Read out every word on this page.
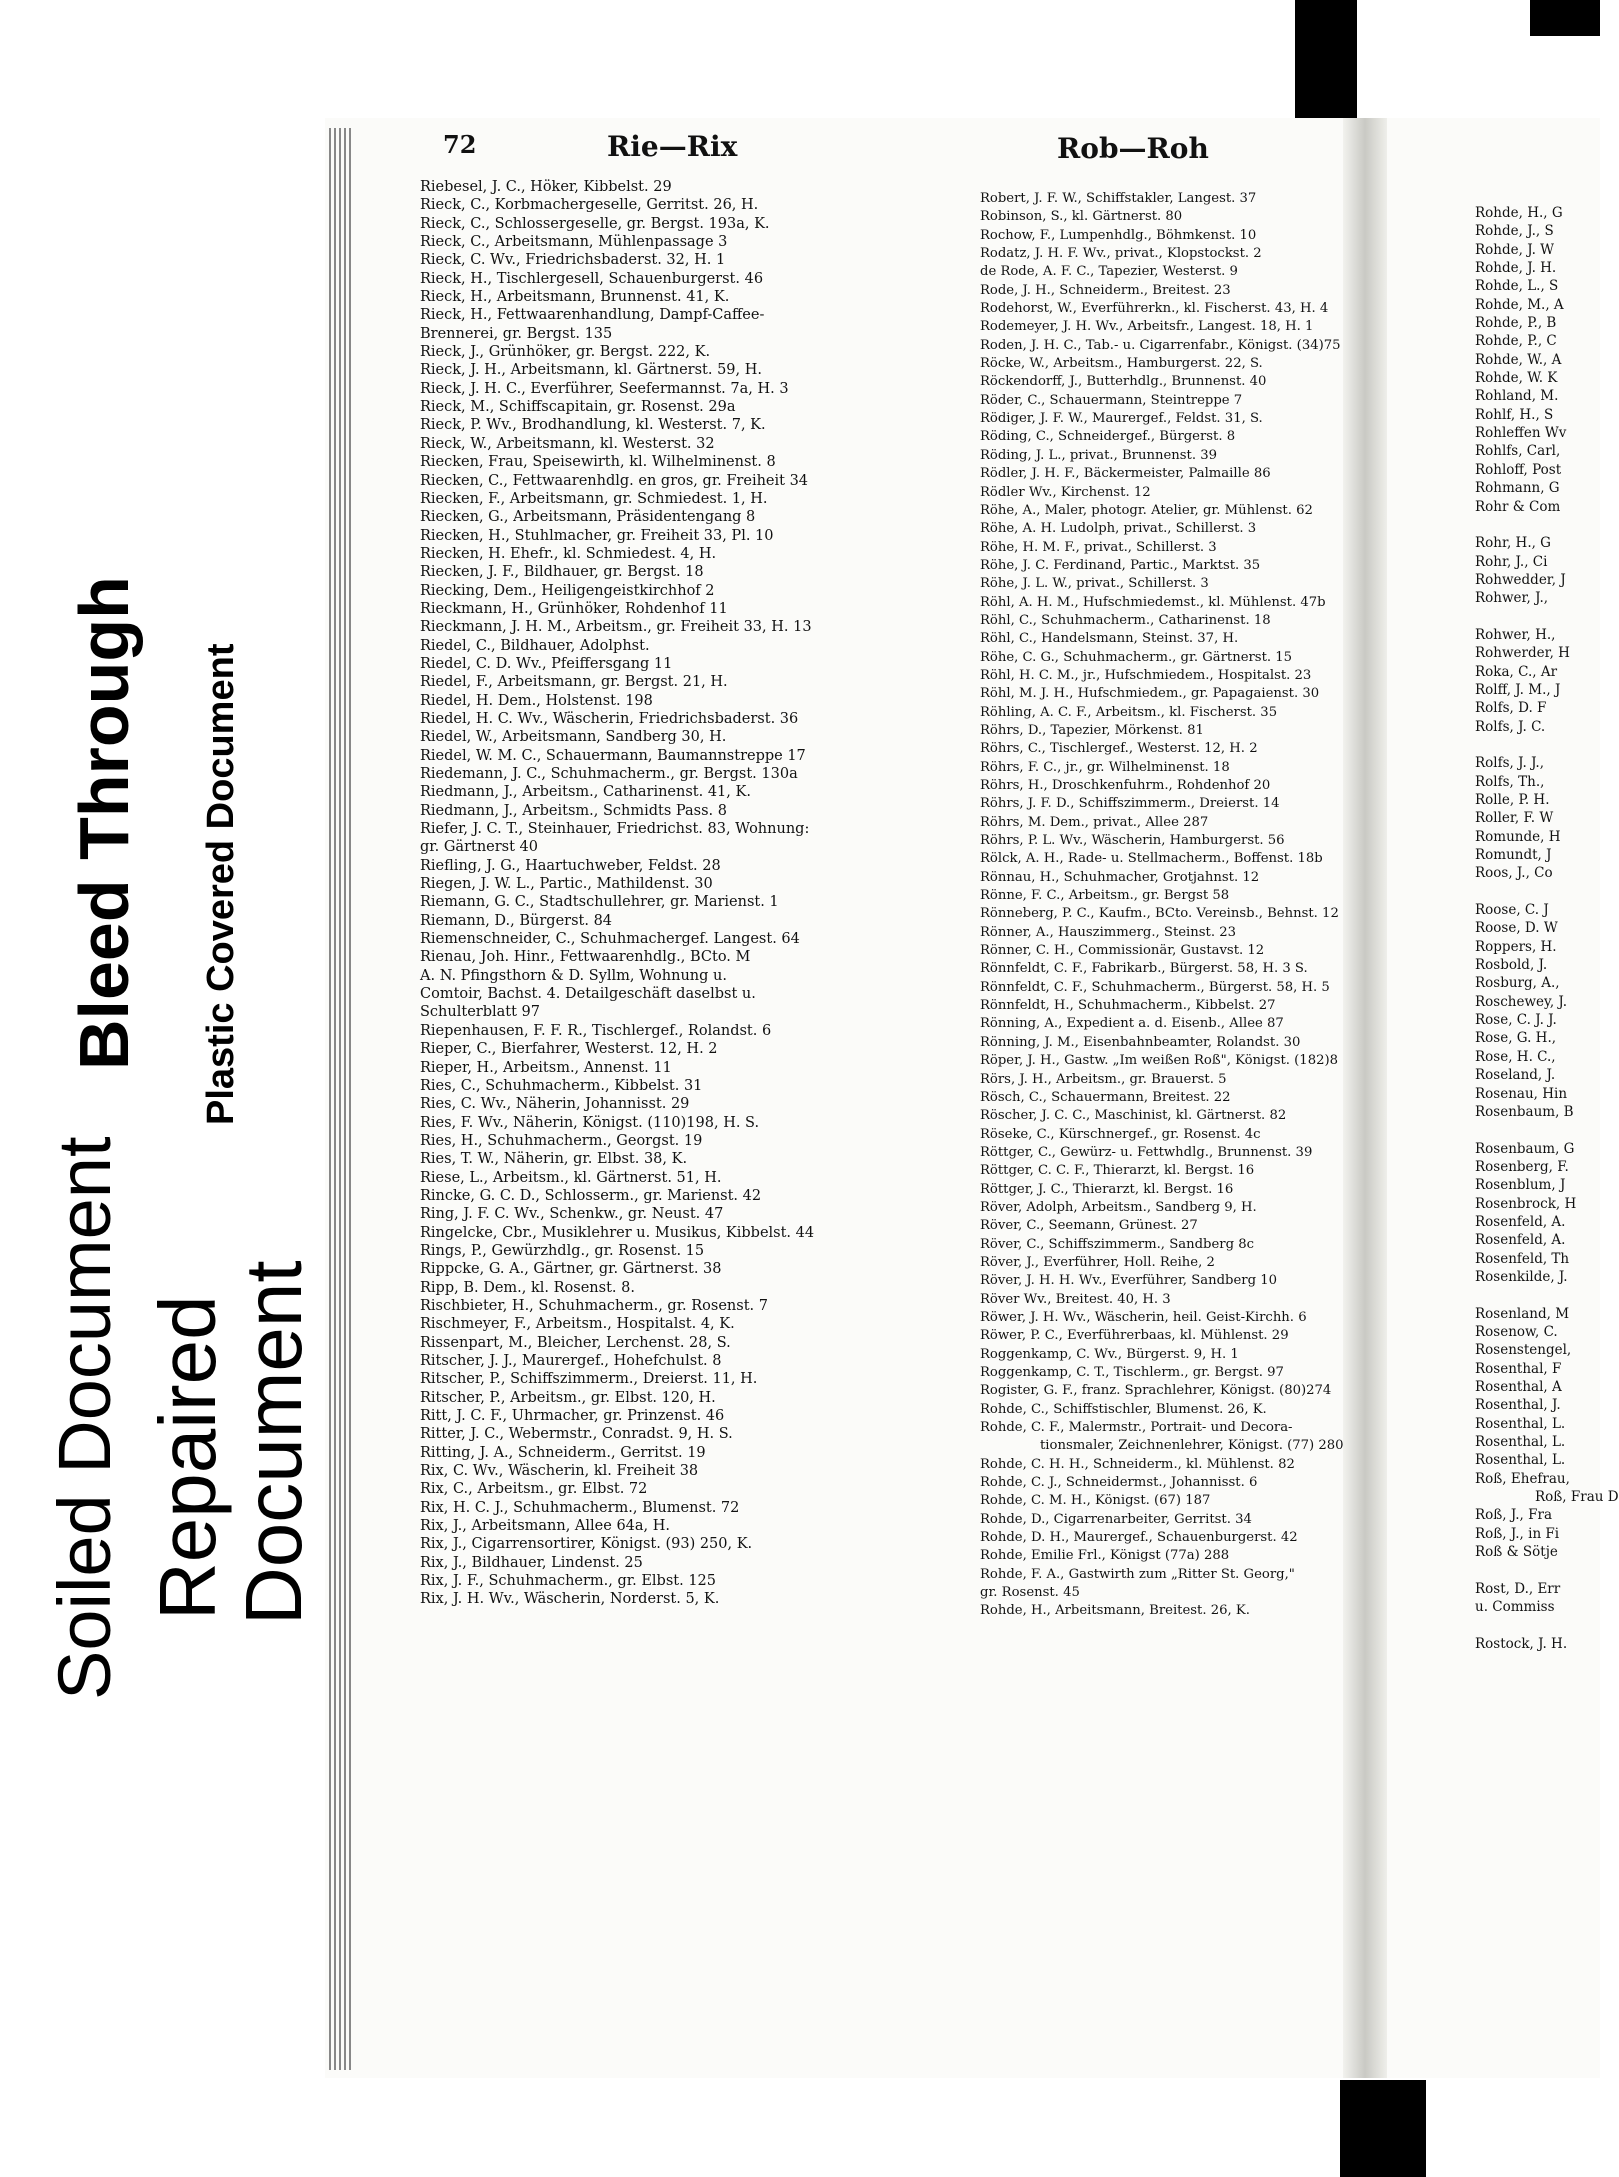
Soiled Document
Bleed Through Plastic Covered Document
Repaired
Document
72	Rie—Rix	Rob—Roh
Riebesel, J. C., Höker, Kibbelst. 29
Rieck, C., Korbmachergeselle, Gerritst. 26, H.
Rieck, C., Schlossergeselle, gr. Bergst. 193a, K.
Rieck, C., Arbeitsmann, Mühlenpassage 3
Rieck, C. Wv., Friedrichsbaderst. 32, H. 1
Rieck, H., Tischlergesell, Schauenburgerst. 46
Rieck, H., Arbeitsmann, Brunnenst. 41, K.
Rieck, H., Fettwaarenhandlung, Dampf-Caffee-
Brennerei, gr. Bergst. 135
Rieck, J., Grünhöker, gr. Bergst. 222, K.
Rieck, J. H., Arbeitsmann, kl. Gärtnerst. 59, H.
Rieck, J. H. C., Everführer, Seefermannst. 7a, H. 3
Rieck, M., Schiffscapitain, gr. Rosenst. 29a
Rieck, P. Wv., Brodhandlung, kl. Westerst. 7, K.
Rieck, W., Arbeitsmann, kl. Westerst. 32
Riecken, Frau, Speisewirth, kl. Wilhelminenst. 8
Riecken, C., Fettwaarenhdlg. en gros, gr. Freiheit 34
Riecken, F., Arbeitsmann, gr. Schmiedest. 1, H.
Riecken, G., Arbeitsmann, Präsidentengang 8
Riecken, H., Stuhlmacher, gr. Freiheit 33, Pl. 10
Riecken, H. Ehefr., kl. Schmiedest. 4, H.
Riecken, J. F., Bildhauer, gr. Bergst. 18
Riecking, Dem., Heiligengeistkirchhof 2
Rieckmann, H., Grünhöker, Rohdenhof 11
Rieckmann, J. H. M., Arbeitsm., gr. Freiheit 33, H. 13
Riedel, C., Bildhauer, Adolphst.
Riedel, C. D. Wv., Pfeiffersgang 11
Riedel, F., Arbeitsmann, gr. Bergst. 21, H.
Riedel, H. Dem., Holstenst. 198
Riedel, H. C. Wv., Wäscherin, Friedrichsbaderst. 36
Riedel, W., Arbeitsmann, Sandberg 30, H.
Riedel, W. M. C., Schauermann, Baumannstreppe 17
Riedemann, J. C., Schuhmacherm., gr. Bergst. 130a
Riedmann, J., Arbeitsm., Catharinenst. 41, K.
Riedmann, J., Arbeitsm., Schmidts Pass. 8
Riefer, J. C. T., Steinhauer, Friedrichst. 83, Wohnung:
gr. Gärtnerst 40
Riefling, J. G., Haartuchweber, Feldst. 28
Riegen, J. W. L., Partic., Mathildenst. 30
Riemann, G. C., Stadtschullehrer, gr. Marienst. 1
Riemann, D., Bürgerst. 84
Riemenschneider, C., Schuhmachergef. Langest. 64
Rienau, Joh. Hinr., Fettwaarenhdlg., BCto. M
A. N. Pfingsthorn & D. Syllm, Wohnung u.
Comtoir, Bachst. 4. Detailgeschäft daselbst u.
Schulterblatt 97
Riepenhausen, F. F. R., Tischlergef., Rolandst. 6
Rieper, C., Bierfahrer, Westerst. 12, H. 2
Rieper, H., Arbeitsm., Annenst. 11
Ries, C., Schuhmacherm., Kibbelst. 31
Ries, C. Wv., Näherin, Johannisst. 29
Ries, F. Wv., Näherin, Königst. (110)198, H. S.
Ries, H., Schuhmacherm., Georgst. 19
Ries, T. W., Näherin, gr. Elbst. 38, K.
Riese, L., Arbeitsm., kl. Gärtnerst. 51, H.
Rincke, G. C. D., Schlosserm., gr. Marienst. 42
Ring, J. F. C. Wv., Schenkw., gr. Neust. 47
Ringelcke, Cbr., Musiklehrer u. Musikus, Kibbelst. 44
Rings, P., Gewürzhdlg., gr. Rosenst. 15
Rippcke, G. A., Gärtner, gr. Gärtnerst. 38
Ripp, B. Dem., kl. Rosenst. 8.
Rischbieter, H., Schuhmacherm., gr. Rosenst. 7
Rischmeyer, F., Arbeitsm., Hospitalst. 4, K.
Rissenpart, M., Bleicher, Lerchenst. 28, S.
Ritscher, J. J., Maurergef., Hohefchulst. 8
Ritscher, P., Schiffszimmerm., Dreierst. 11, H.
Ritscher, P., Arbeitsm., gr. Elbst. 120, H.
Ritt, J. C. F., Uhrmacher, gr. Prinzenst. 46
Ritter, J. C., Webermstr., Conradst. 9, H. S.
Ritting, J. A., Schneiderm., Gerritst. 19
Rix, C. Wv., Wäscherin, kl. Freiheit 38
Rix, C., Arbeitsm., gr. Elbst. 72
Rix, H. C. J., Schuhmacherm., Blumenst. 72
Rix, J., Arbeitsmann, Allee 64a, H.
Rix, J., Cigarrensortirer, Königst. (93) 250, K.
Rix, J., Bildhauer, Lindenst. 25
Rix, J. F., Schuhmacherm., gr. Elbst. 125
Rix, J. H. Wv., Wäscherin, Norderst. 5, K.
Robert, J. F. W., Schiffstakler, Langest. 37
Robinson, S., kl. Gärtnerst. 80
Rochow, F., Lumpenhdlg., Böhmkenst. 10
Rodatz, J. H. F. Wv., privat., Klopstockst. 2
de Rode, A. F. C., Tapezier, Westerst. 9
Rode, J. H., Schneiderm., Breitest. 23
Rodehorst, W., Everführerkn., kl. Fischerst. 43, H. 4
Rodemeyer, J. H. Wv., Arbeitsfr., Langest. 18, H. 1
Roden, J. H. C., Tab.- u. Cigarrenfabr., Königst. (34)75
Röcke, W., Arbeitsm., Hamburgerst. 22, S.
Röckendorff, J., Butterhdlg., Brunnenst. 40
Röder, C., Schauermann, Steintreppe 7
Rödiger, J. F. W., Maurergef., Feldst. 31, S.
Röding, C., Schneidergef., Bürgerst. 8
Röding, J. L., privat., Brunnenst. 39
Rödler, J. H. F., Bäckermeister, Palmaille 86
Rödler Wv., Kirchenst. 12
Röhe, A., Maler, photogr. Atelier, gr. Mühlenst. 62
Röhe, A. H. Ludolph, privat., Schillerst. 3
Röhe, H. M. F., privat., Schillerst. 3
Röhe, J. C. Ferdinand, Partic., Marktst. 35
Röhe, J. L. W., privat., Schillerst. 3
Röhl, A. H. M., Hufschmiedemst., kl. Mühlenst. 47b
Röhl, C., Schuhmacherm., Catharinenst. 18
Röhl, C., Handelsmann, Steinst. 37, H.
Röhe, C. G., Schuhmacherm., gr. Gärtnerst. 15
Röhl, H. C. M., jr., Hufschmiedem., Hospitalst. 23
Röhl, M. J. H., Hufschmiedem., gr. Papagaienst. 30
Röhling, A. C. F., Arbeitsm., kl. Fischerst. 35
Röhrs, D., Tapezier, Mörkenst. 81
Röhrs, C., Tischlergef., Westerst. 12, H. 2
Röhrs, F. C., jr., gr. Wilhelminenst. 18
Röhrs, H., Droschkenfuhrm., Rohdenhof 20
Röhrs, J. F. D., Schiffszimmerm., Dreierst. 14
Röhrs, M. Dem., privat., Allee 287
Röhrs, P. L. Wv., Wäscherin, Hamburgerst. 56
Rölck, A. H., Rade- u. Stellmacherm., Boffenst. 18b
Rönnau, H., Schuhmacher, Grotjahnst. 12
Rönne, F. C., Arbeitsm., gr. Bergst 58
Rönneberg, P. C., Kaufm., BCto. Vereinsb., Behnst. 12
Rönner, A., Hauszimmerg., Steinst. 23
Rönner, C. H., Commissionär, Gustavst. 12
Rönnfeldt, C. F., Fabrikarb., Bürgerst. 58, H. 3 S.
Rönnfeldt, C. F., Schuhmacherm., Bürgerst. 58, H. 5
Rönnfeldt, H., Schuhmacherm., Kibbelst. 27
Rönning, A., Expedient a. d. Eisenb., Allee 87
Rönning, J. M., Eisenbahnbeamter, Rolandst. 30
Röper, J. H., Gastw. „Im weißen Roß", Königst. (182)8
Rörs, J. H., Arbeitsm., gr. Brauerst. 5
Rösch, C., Schauermann, Breitest. 22
Röscher, J. C. C., Maschinist, kl. Gärtnerst. 82
Röseke, C., Kürschnergef., gr. Rosenst. 4c
Röttger, C., Gewürz- u. Fettwhdlg., Brunnenst. 39
Röttger, C. C. F., Thierarzt, kl. Bergst. 16
Röttger, J. C., Thierarzt, kl. Bergst. 16
Röver, Adolph, Arbeitsm., Sandberg 9, H.
Röver, C., Seemann, Grünest. 27
Röver, C., Schiffszimmerm., Sandberg 8c
Röver, J., Everführer, Holl. Reihe, 2
Röver, J. H. H. Wv., Everführer, Sandberg 10
Röver Wv., Breitest. 40, H. 3
Röwer, J. H. Wv., Wäscherin, heil. Geist-Kirchh. 6
Röwer, P. C., Everführerbaas, kl. Mühlenst. 29
Roggenkamp, C. Wv., Bürgerst. 9, H. 1
Roggenkamp, C. T., Tischlerm., gr. Bergst. 97
Rogister, G. F., franz. Sprachlehrer, Königst. (80)274
Rohde, C., Schiffstischler, Blumenst. 26, K.
Rohde, C. F., Malermstr., Portrait- und Decora-
tionsmaler, Zeichnenlehrer, Königst. (77) 280
Rohde, C. H. H., Schneiderm., kl. Mühlenst. 82
Rohde, C. J., Schneidermst., Johannisst. 6
Rohde, C. M. H., Königst. (67) 187
Rohde, D., Cigarrenarbeiter, Gerritst. 34
Rohde, D. H., Maurergef., Schauenburgerst. 42
Rohde, Emilie Frl., Königst (77a) 288
Rohde, F. A., Gastwirth zum „Ritter St. Georg,"
gr. Rosenst. 45
Rohde, H., Arbeitsmann, Breitest. 26, K.
Rohde, H., G
Rohde, J., S
Rohde, J. W
Rohde, J. H.
Rohde, L., S
Rohde, M., A
Rohde, P., B
Rohde, P., C
Rohde, W., A
Rohde, W. K
Rohland, M.
Rohlf, H., S
Rohleffen Wv
Rohlfs, Carl,
Rohloff, Post
Rohmann, G
Rohr & Com
Rohr, H., G
Rohr, J., Ci
Rohwedder, J
Rohwer, J.,
Rohwer, H.,
Rohwerder, H
Roka, C., Ar
Rolff, J. M., J
Rolfs, D. F
Rolfs, J. C.
Rolfs, J. J.,
Rolfs, Th.,
Rolle, P. H.
Roller, F. W
Romunde, H
Romundt, J
Roos, J., Co
Roose, C. J
Roose, D. W
Roppers, H.
Rosbold, J.
Rosburg, A.,
Roschewey, J.
Rose, C. J. J.
Rose, G. H.,
Rose, H. C.,
Roseland, J.
Rosenau, Hin
Rosenbaum, B
Rosenbaum, G
Rosenberg, F.
Rosenblum, J
Rosenbrock, H
Rosenfeld, A.
Rosenfeld, A.
Rosenfeld, Th
Rosenkilde, J.
Rosenland, M
Rosenow, C.
Rosenstengel,
Rosenthal, F
Rosenthal, A
Rosenthal, J.
Rosenthal, L.
Rosenthal, L.
Rosenthal, L.
Roß, Ehefrau,
Roß, Frau D
Roß, J., Fra
Roß, J., in Fi
Roß & Sötje
Rost, D., Err
u. Commiss
Rostock, J. H.
